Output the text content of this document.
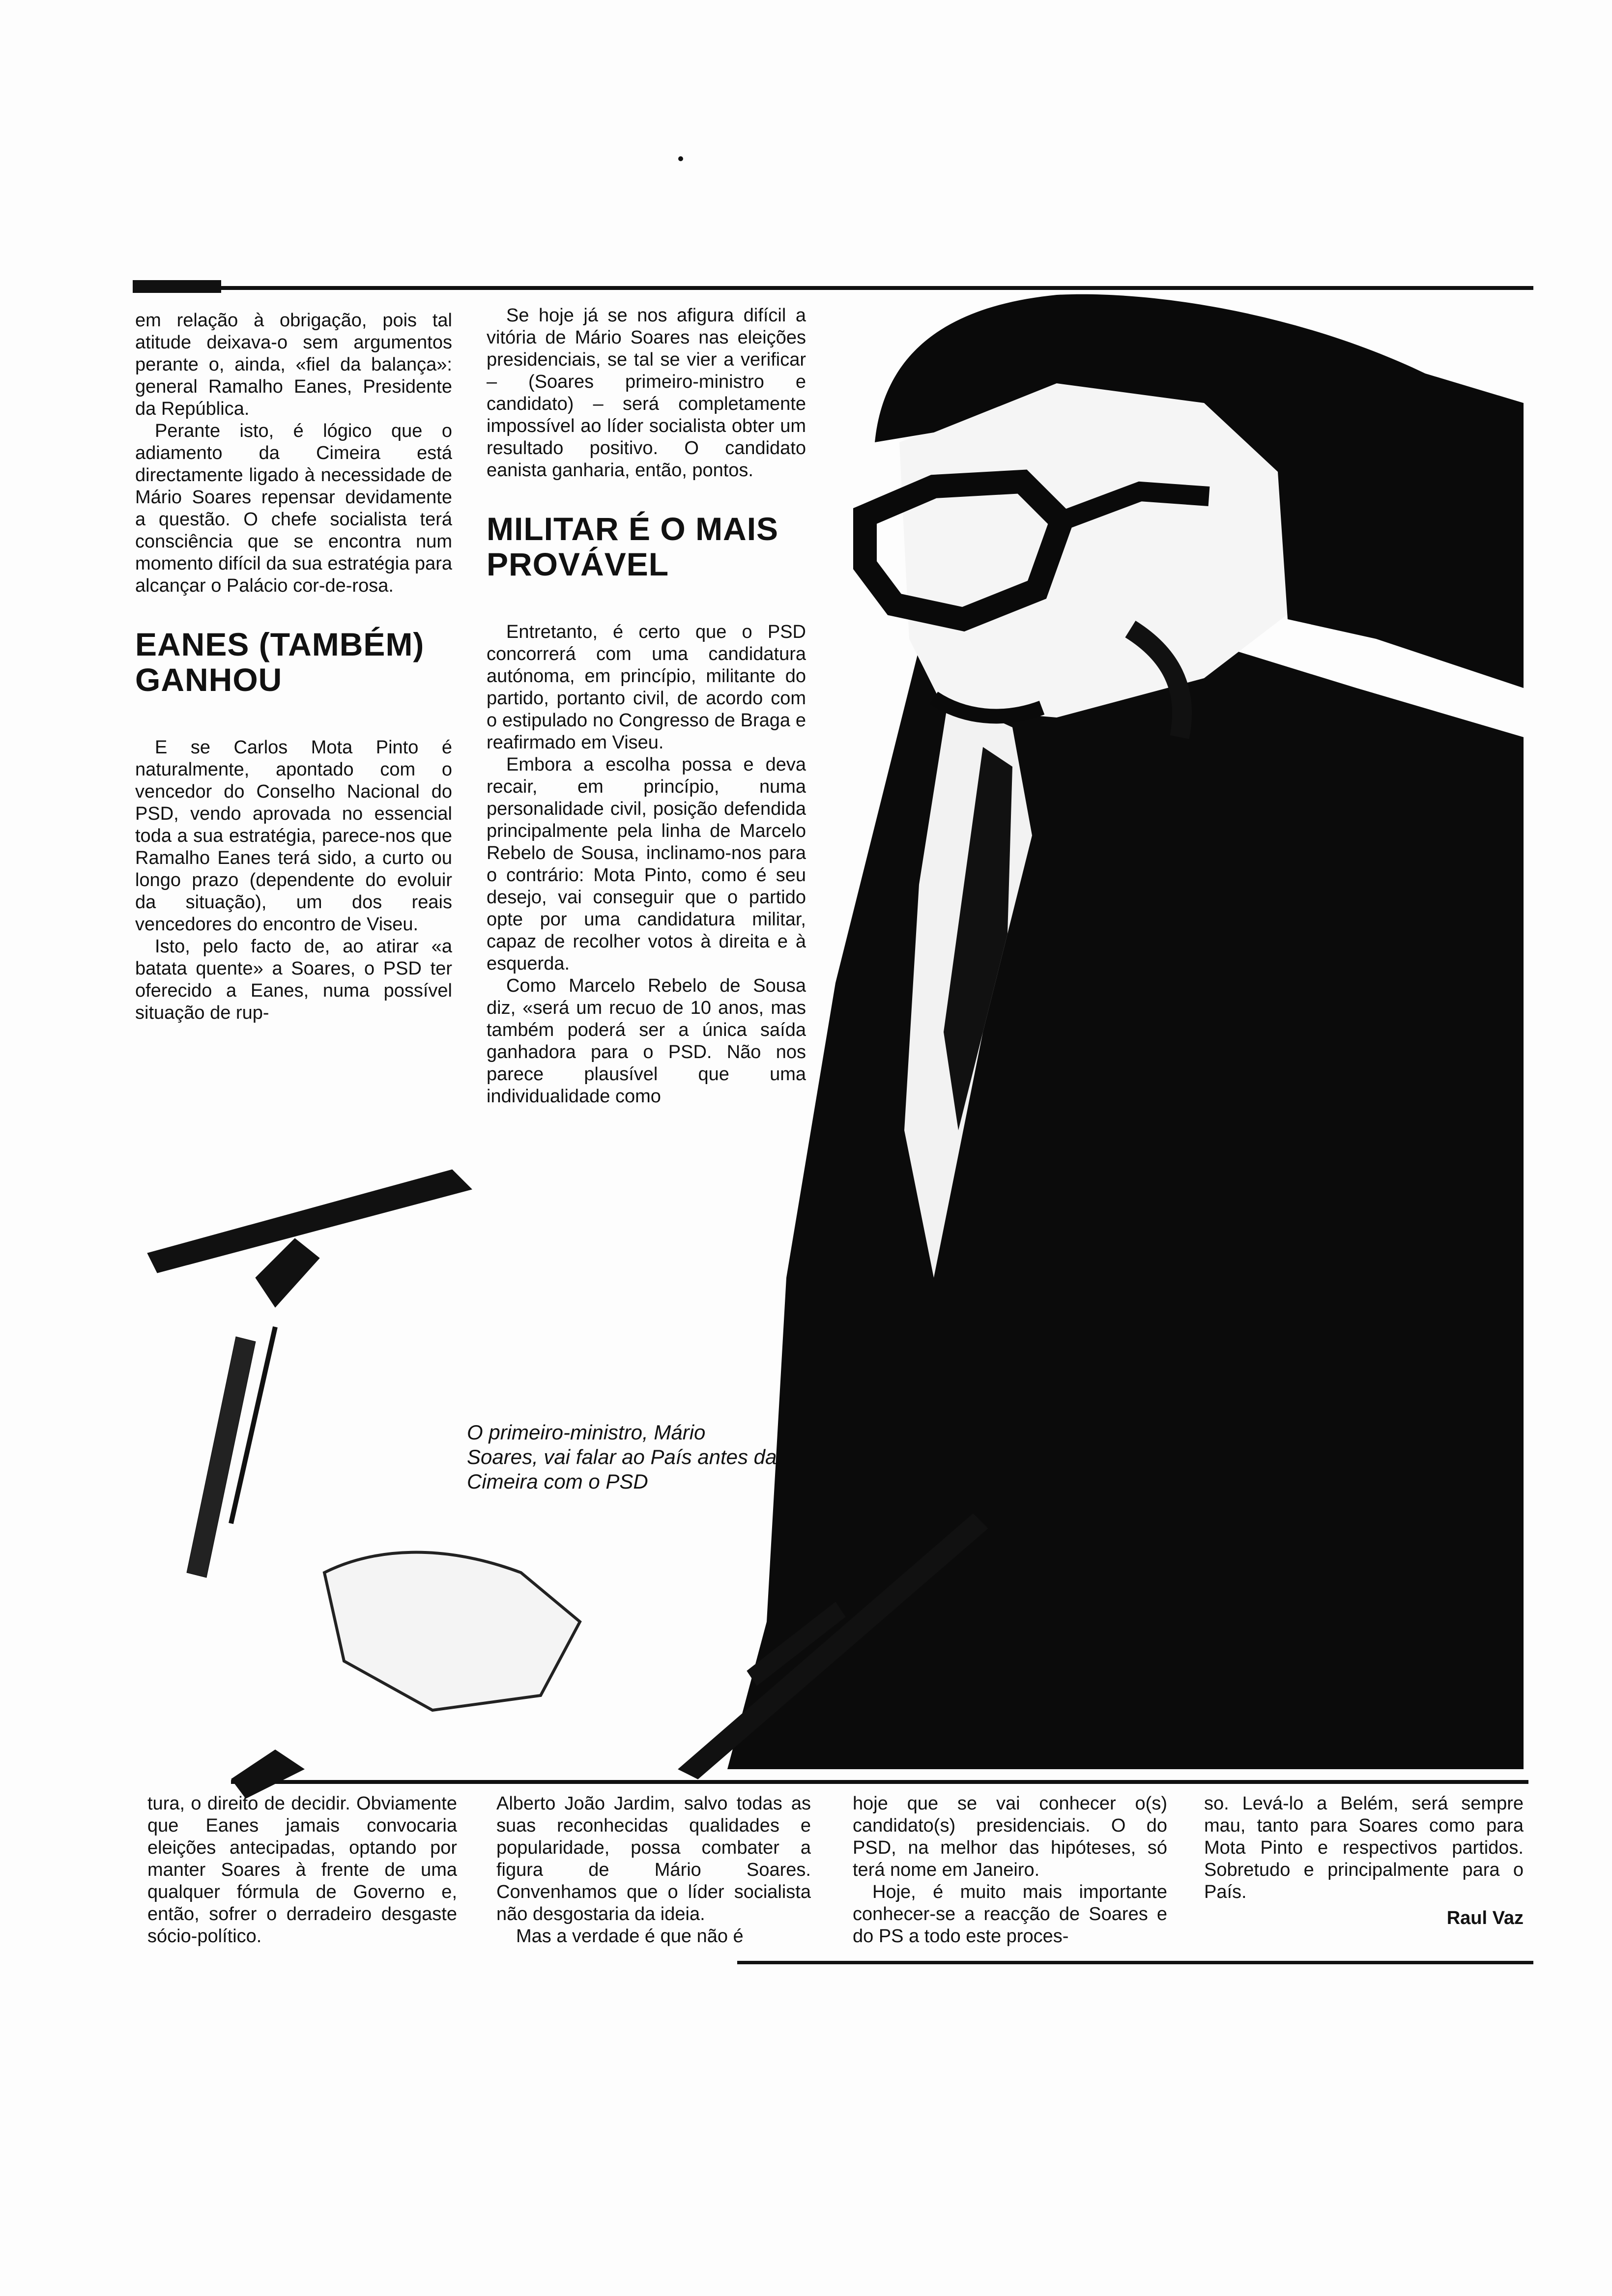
em relação à obrigação, pois tal atitude deixava-o sem argumentos perante o, ainda, «fiel da balança»: general Ramalho Eanes, Presidente da República.

Perante isto, é lógico que o adiamento da Cimeira está directamente ligado à necessidade de Mário Soares repensar devidamente a questão. O chefe socialista terá consciência que se encontra num momento difícil da sua estratégia para alcançar o Palácio cor-de-rosa.

EANES (TAMBÉM) GANHOU

E se Carlos Mota Pinto é naturalmente, apontado com o vencedor do Conselho Nacional do PSD, vendo aprovada no essencial toda a sua estratégia, parece-nos que Ramalho Eanes terá sido, a curto ou longo prazo (dependente do evoluir da situação), um dos reais vencedores do encontro de Viseu.

Isto, pelo facto de, ao atirar «a batata quente» a Soares, o PSD ter oferecido a Eanes, numa possível situação de rup-

Se hoje já se nos afigura difícil a vitória de Mário Soares nas eleições presidenciais, se tal se vier a verificar – (Soares primeiro-ministro e candidato) – será completamente impossível ao líder socialista obter um resultado positivo. O candidato eanista ganharia, então, pontos.

MILITAR É O MAIS PROVÁVEL

Entretanto, é certo que o PSD concorrerá com uma candidatura autónoma, em princípio, militante do partido, portanto civil, de acordo com o estipulado no Congresso de Braga e reafirmado em Viseu.

Embora a escolha possa e deva recair, em princípio, numa personalidade civil, posição defendida principalmente pela linha de Marcelo Rebelo de Sousa, inclinamo-nos para o contrário: Mota Pinto, como é seu desejo, vai conseguir que o partido opte por uma candidatura militar, capaz de recolher votos à direita e à esquerda.

Como Marcelo Rebelo de Sousa diz, «será um recuo de 10 anos, mas também poderá ser a única saída ganhadora para o PSD. Não nos parece plausível que uma individualidade como

O primeiro-ministro, Mário Soares, vai falar ao País antes da Cimeira com o PSD

tura, o direito de decidir. Obviamente que Eanes jamais convocaria eleições antecipadas, optando por manter Soares à frente de uma qualquer fórmula de Governo e, então, sofrer o derradeiro desgaste sócio-político.

Alberto João Jardim, salvo todas as suas reconhecidas qualidades e popularidade, possa combater a figura de Mário Soares. Convenhamos que o líder socialista não desgostaria da ideia.

Mas a verdade é que não é

hoje que se vai conhecer o(s) candidato(s) presidenciais. O do PSD, na melhor das hipóteses, só terá nome em Janeiro.

Hoje, é muito mais importante conhecer-se a reacção de Soares e do PS a todo este proces-

so. Levá-lo a Belém, será sempre mau, tanto para Soares como para Mota Pinto e respectivos partidos. Sobretudo e principalmente para o País.

Raul Vaz
